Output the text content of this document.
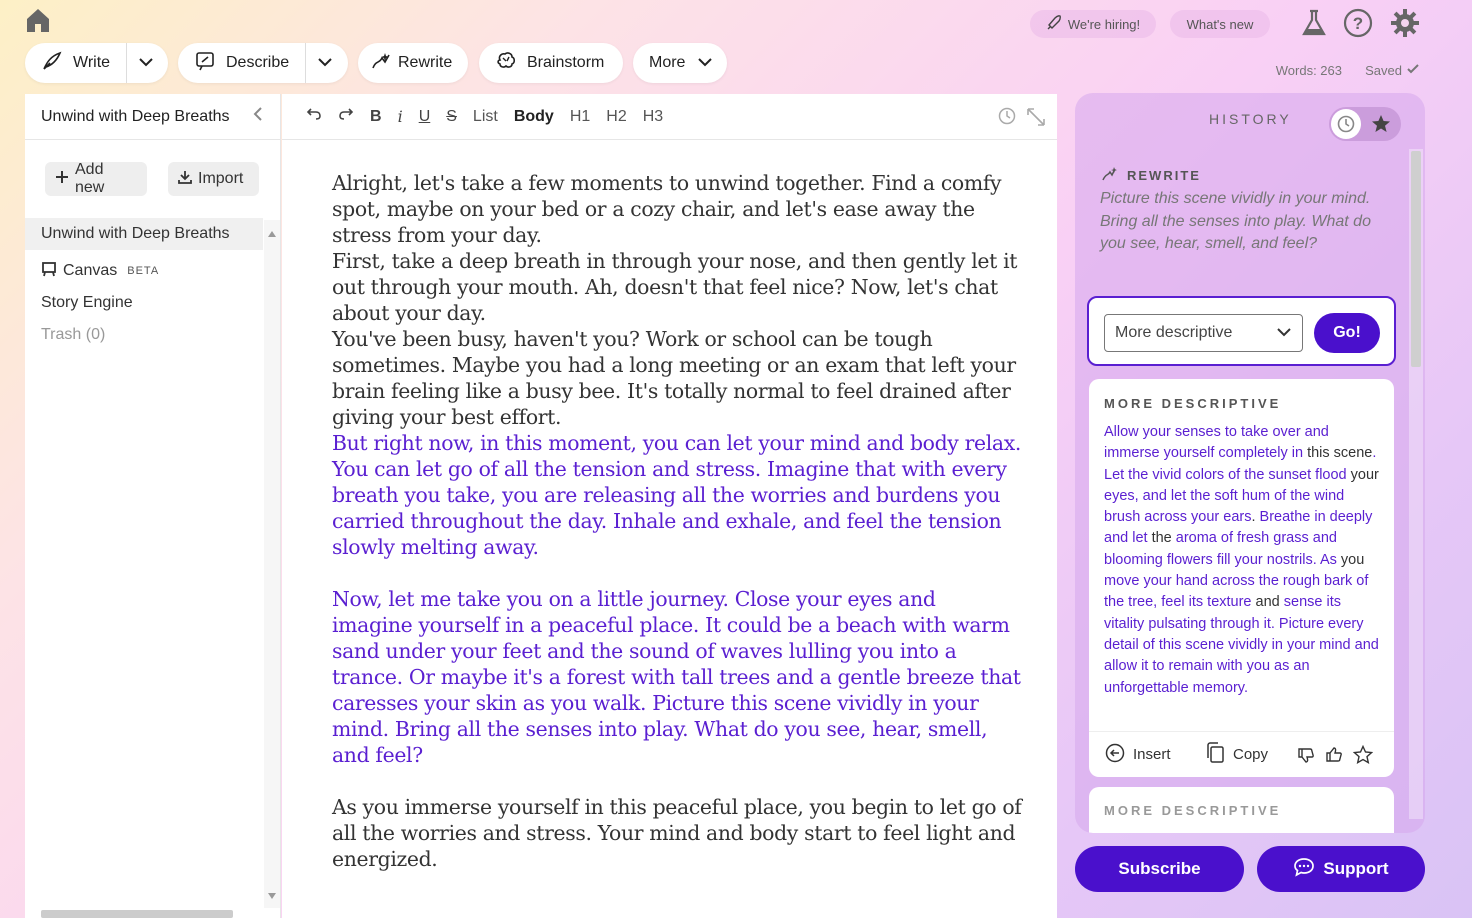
We're hiring!	What's new	?
Write	Describe	Rewrite	Brainstorm	More	Words: 263 Saved
Unwind with Deep Breaths
Add new
Import
Unwind with Deep Breaths
Canvas BETA
Story Engine
Trash (0)
B	i	U	S	List	Body	H1	H2	H3

Alright, let's take a few moments to unwind together. Find a comfy spot, maybe on your bed or a cozy chair, and let's ease away the stress from your day.

First, take a deep breath in through your nose, and then gently let it out through your mouth. Ah, doesn't that feel nice? Now, let's chat about your day.

You've been busy, haven't you? Work or school can be tough sometimes. Maybe you had a long meeting or an exam that left your brain feeling like a busy bee. It's totally normal to feel drained after giving your best effort.

But right now, in this moment, you can let your mind and body relax. You can let go of all the tension and stress. Imagine that with every breath you take, you are releasing all the worries and burdens you carried throughout the day. Inhale and exhale, and feel the tension slowly melting away.

Now, let me take you on a little journey. Close your eyes and imagine yourself in a peaceful place. It could be a beach with warm sand under your feet and the sound of waves lulling you into a trance. Or maybe it's a forest with tall trees and a gentle breeze that caresses your skin as you walk. Picture this scene vividly in your mind. Bring all the senses into play. What do you see, hear, smell, and feel?

As you immerse yourself in this peaceful place, you begin to let go of all the worries and stress. Your mind and body start to feel light and energized.

HISTORY
REWRITE
Picture this scene vividly in your mind. Bring all the senses into play. What do you see, hear, smell, and feel?
More descriptive	Go!
MORE DESCRIPTIVE
Allow your senses to take over and immerse yourself completely in this scene. Let the vivid colors of the sunset flood your eyes, and let the soft hum of the wind brush across your ears. Breathe in deeply and let the aroma of fresh grass and blooming flowers fill your nostrils. As you move your hand across the rough bark of the tree, feel its texture and sense its vitality pulsating through it. Picture every detail of this scene vividly in your mind and allow it to remain with you as an unforgettable memory.
Insert	Copy
MORE DESCRIPTIVE
Subscribe	Support
